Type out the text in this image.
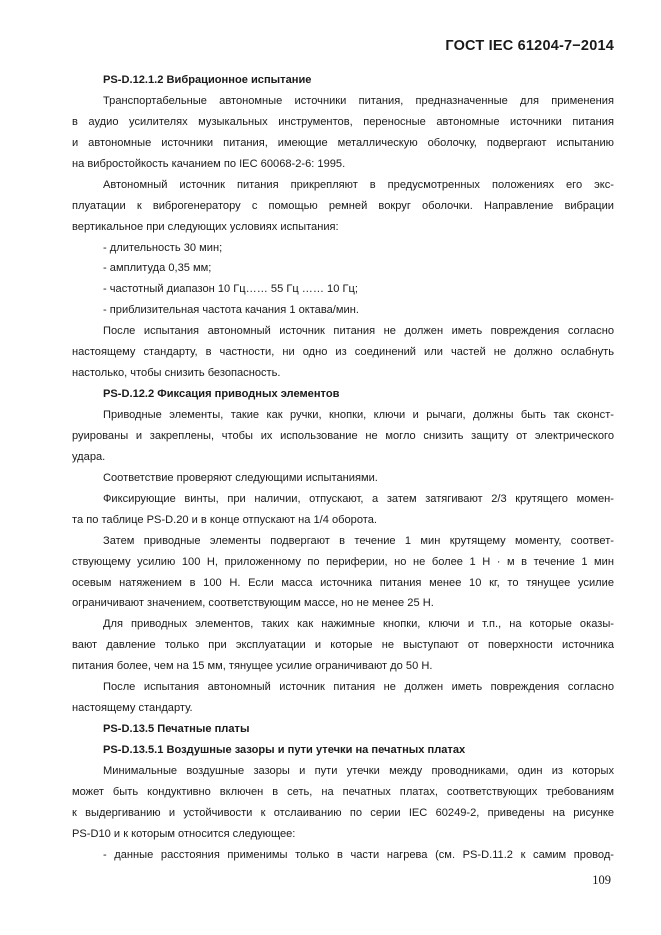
ГОСТ IEC 61204-7−2014
PS-D.12.1.2 Вибрационное испытание
Транспортабельные автономные источники питания, предназначенные для применения
в аудио усилителях музыкальных инструментов, переносные автономные источники питания
и автономные источники питания, имеющие металлическую оболочку, подвергают испытанию
на вибростойкость качанием по IEC 60068-2-6: 1995.
Автономный источник питания прикрепляют в предусмотренных положениях его экс-
плуатации к виброгенератору с помощью ремней вокруг оболочки. Направление вибрации
вертикальное при следующих условиях испытания:
- длительность 30 мин;
- амплитуда 0,35 мм;
- частотный диапазон 10 Гц…… 55 Гц …… 10 Гц;
- приблизительная частота качания 1 октава/мин.
После испытания автономный источник питания не должен иметь повреждения согласно
настоящему стандарту, в частности, ни одно из соединений или частей не должно ослабнуть
настолько, чтобы снизить безопасность.
PS-D.12.2 Фиксация приводных элементов
Приводные элементы, такие как ручки, кнопки, ключи и рычаги, должны быть так сконст-
руированы и закреплены, чтобы их использование не могло снизить защиту от электрического
удара.
Соответствие проверяют следующими испытаниями.
Фиксирующие винты, при наличии, отпускают, а затем затягивают 2/3 крутящего момен-
та по таблице PS-D.20 и в конце отпускают на 1/4 оборота.
Затем приводные элементы подвергают в течение 1 мин крутящему моменту, соответ-
ствующему усилию 100 Н, приложенному по периферии, но не более 1 Н · м в течение 1 мин
осевым натяжением в 100 Н. Если масса источника питания менее 10 кг, то тянущее усилие
ограничивают значением, соответствующим массе, но не менее 25 Н.
Для приводных элементов, таких как нажимные кнопки, ключи и т.п., на которые оказы-
вают давление только при эксплуатации и которые не выступают от поверхности источника
питания более, чем на 15 мм, тянущее усилие ограничивают до 50 Н.
После испытания автономный источник питания не должен иметь повреждения согласно
настоящему стандарту.
PS-D.13.5 Печатные платы
PS-D.13.5.1 Воздушные зазоры и пути утечки на печатных платах
Минимальные воздушные зазоры и пути утечки между проводниками, один из которых
может быть кондуктивно включен в сеть, на печатных платах, соответствующих требованиям
к выдергиванию и устойчивости к отслаиванию по серии IEC 60249-2, приведены на рисунке
PS-D10 и к которым относится следующее:
- данные расстояния применимы только в части нагрева (см. PS-D.11.2 к самим провод-
109
